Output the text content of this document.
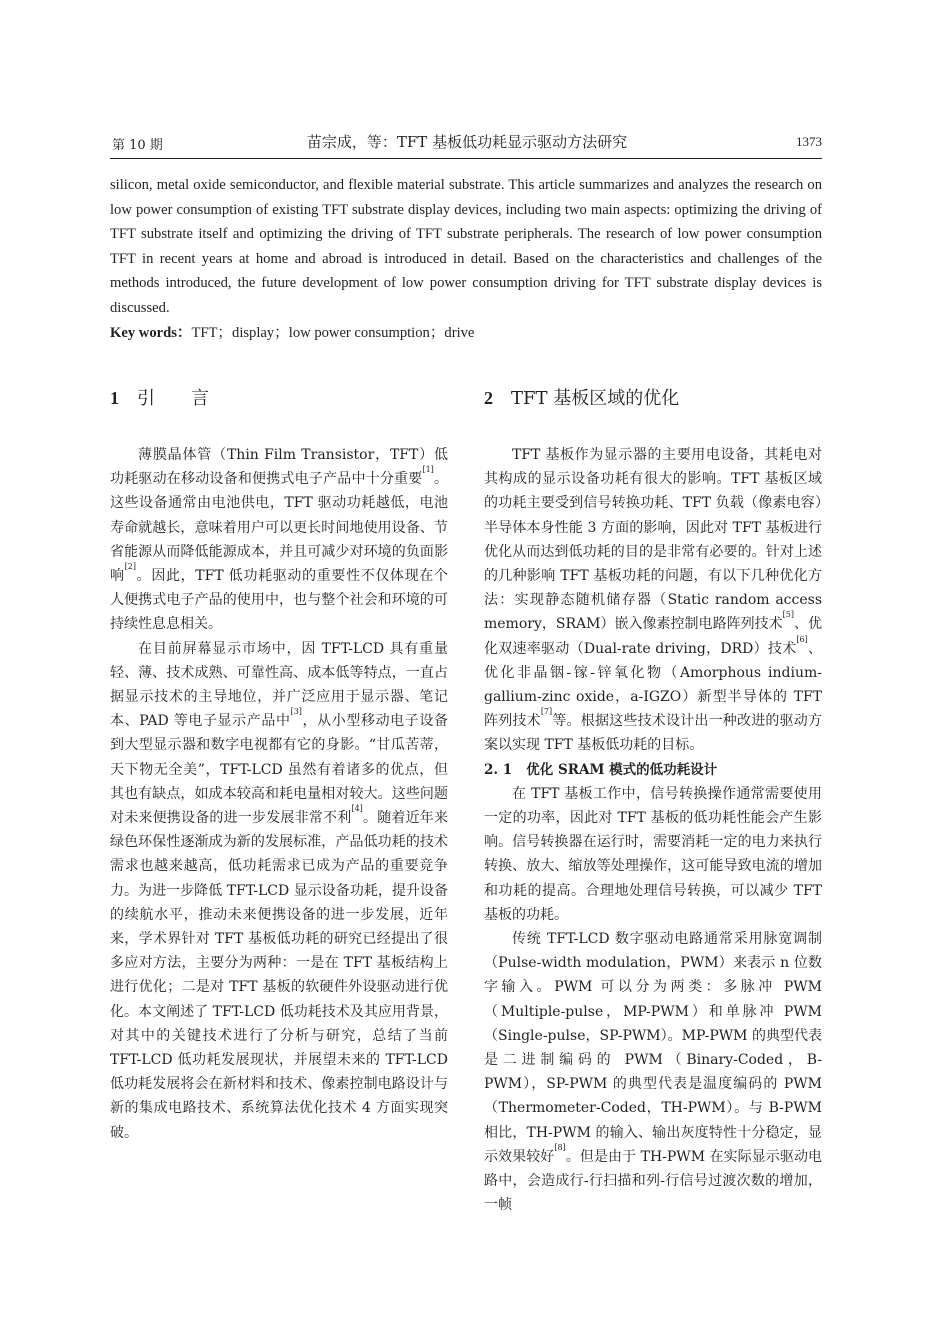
第 10 期	苗宗成，等：TFT 基板低功耗显示驱动方法研究	1373

silicon, metal oxide semiconductor, and flexible material substrate. This article summarizes and analyzes the research on low power consumption of existing TFT substrate display devices, including two main aspects: optimizing the driving of TFT substrate itself and optimizing the driving of TFT substrate peripherals. The research of low power consumption TFT in recent years at home and abroad is introduced in detail. Based on the characteristics and challenges of the methods introduced, the future development of low power consumption driving for TFT substrate display devices is discussed.

Key words：TFT；display；low power consumption；drive

1 引　　言

薄膜晶体管（Thin Film Transistor，TFT）低功耗驱动在移动设备和便携式电子产品中十分重要[1]。这些设备通常由电池供电，TFT 驱动功耗越低，电池寿命就越长，意味着用户可以更长时间地使用设备、节省能源从而降低能源成本，并且可减少对环境的负面影响[2]。因此，TFT 低功耗驱动的重要性不仅体现在个人便携式电子产品的使用中，也与整个社会和环境的可持续性息息相关。

在目前屏幕显示市场中，因 TFT-LCD 具有重量轻、薄、技术成熟、可靠性高、成本低等特点，一直占据显示技术的主导地位，并广泛应用于显示器、笔记本、PAD 等电子显示产品中[3]，从小型移动电子设备到大型显示器和数字电视都有它的身影。“甘瓜苦蒂，天下物无全美”，TFT-LCD 虽然有着诸多的优点，但其也有缺点，如成本较高和耗电量相对较大。这些问题对未来便携设备的进一步发展非常不利[4]。随着近年来绿色环保性逐渐成为新的发展标准，产品低功耗的技术需求也越来越高，低功耗需求已成为产品的重要竞争力。为进一步降低 TFT-LCD 显示设备功耗，提升设备的续航水平，推动未来便携设备的进一步发展，近年来，学术界针对 TFT 基板低功耗的研究已经提出了很多应对方法，主要分为两种：一是在 TFT 基板结构上进行优化；二是对 TFT 基板的软硬件外设驱动进行优化。本文阐述了 TFT-LCD 低功耗技术及其应用背景，对其中的关键技术进行了分析与研究，总结了当前 TFT-LCD 低功耗发展现状，并展望未来的 TFT-LCD 低功耗发展将会在新材料和技术、像素控制电路设计与新的集成电路技术、系统算法优化技术 4 方面实现突破。

2 TFT 基板区域的优化

TFT 基板作为显示器的主要用电设备，其耗电对其构成的显示设备功耗有很大的影响。TFT 基板区域的功耗主要受到信号转换功耗、TFT 负载（像素电容）半导体本身性能 3 方面的影响，因此对 TFT 基板进行优化从而达到低功耗的目的是非常有必要的。针对上述的几种影响 TFT 基板功耗的问题，有以下几种优化方法：实现静态随机储存器（Static random access memory，SRAM）嵌入像素控制电路阵列技术[5]、优化双速率驱动（Dual-rate driving，DRD）技术[6]、优化非晶铟-镓-锌氧化物（Amorphous indium-gallium-zinc oxide，a-IGZO）新型半导体的 TFT 阵列技术[7]等。根据这些技术设计出一种改进的驱动方案以实现 TFT 基板低功耗的目标。

2. 1 优化 SRAM 模式的低功耗设计

在 TFT 基板工作中，信号转换操作通常需要使用一定的功率，因此对 TFT 基板的低功耗性能会产生影响。信号转换器在运行时，需要消耗一定的电力来执行转换、放大、缩放等处理操作，这可能导致电流的增加和功耗的提高。合理地处理信号转换，可以减少 TFT 基板的功耗。

传统 TFT-LCD 数字驱动电路通常采用脉宽调制（Pulse-width modulation，PWM）来表示 n 位数字输入。PWM 可以分为两类：多脉冲 PWM（Multiple-pulse，MP-PWM）和单脉冲 PWM（Single-pulse，SP-PWM）。MP-PWM 的典型代表是二进制编码的 PWM（Binary-Coded，B-PWM），SP-PWM 的典型代表是温度编码的 PWM（Thermometer-Coded，TH-PWM）。与 B-PWM 相比，TH-PWM 的输入、输出灰度特性十分稳定，显示效果较好[8]。但是由于 TH-PWM 在实际显示驱动电路中，会造成行-行扫描和列-行信号过渡次数的增加，一帧
